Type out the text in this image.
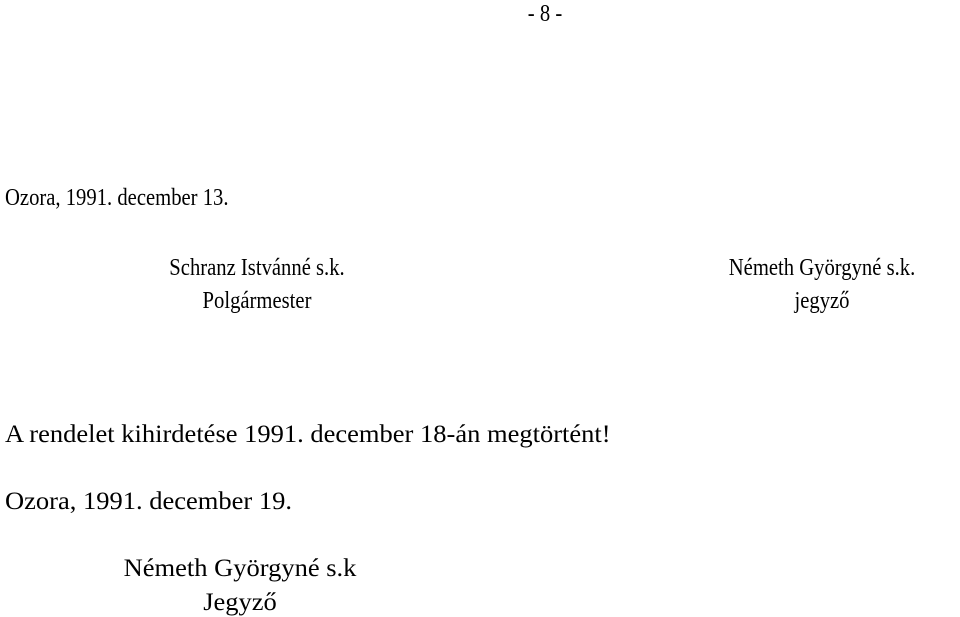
- 8 -
Ozora, 1991. december 13.
Schranz Istvánné s.k.
Polgármester
Németh Györgyné s.k.
jegyző
A rendelet kihirdetése 1991. december 18-án megtörtént!
Ozora, 1991. december 19.
Németh Györgyné s.k
Jegyző
